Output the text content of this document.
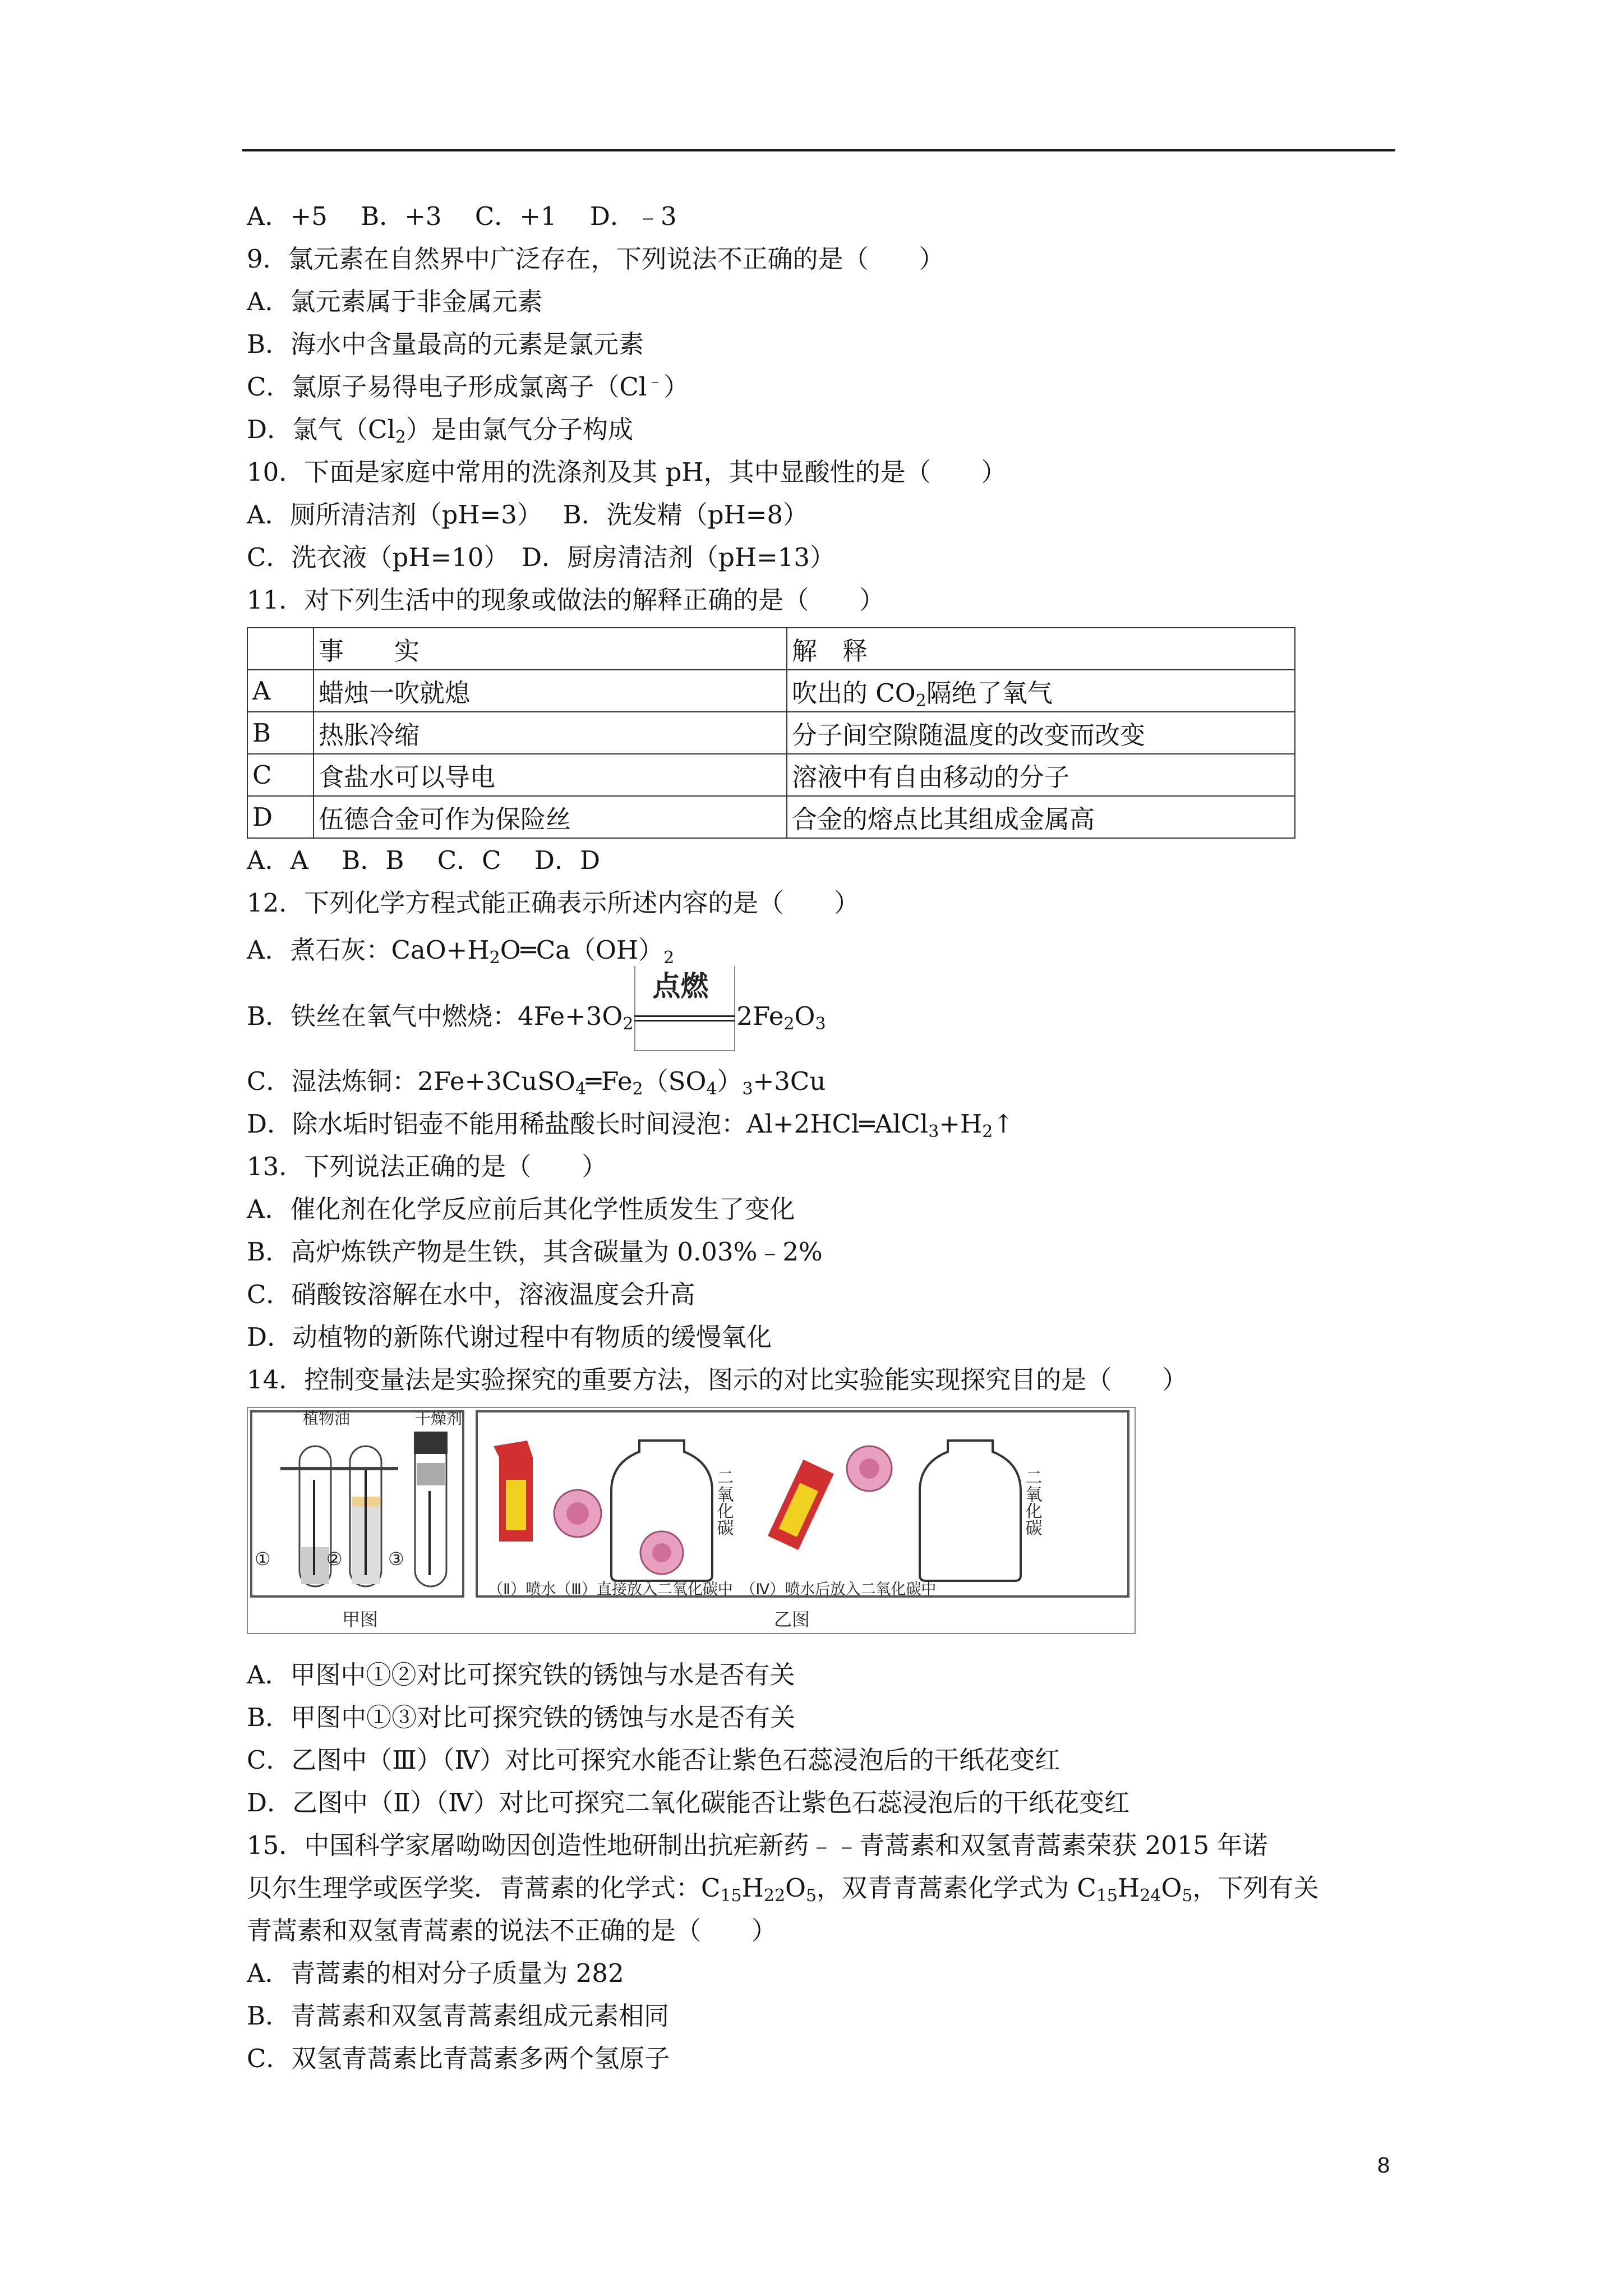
A．+5　 B．+3　 C．+1　 D．﹣3
9．氯元素在自然界中广泛存在，下列说法不正确的是（　　）
A．氯元素属于非金属元素
B．海水中含量最高的元素是氯元素
C．氯原子易得电子形成氯离子（Cl﹣）
D．氯气$(Cl_2)$是由氯气分子构成
10．下面是家庭中常用的洗涤剂及其 pH，其中显酸性的是（　　）
A．厕所清洁剂（pH=3）　 B．洗发精（pH=8）
C．洗衣液（pH=10）　D．厨房清洁剂（pH=13）
11．对下列生活中的现象或做法的解释正确的是（　　）
	事　　实	解　释
A	蜡烛一吹就熄	吹出的 $CO_2$隔绝了氧气
B	热胀冷缩	分子间空隙随温度的改变而改变
C	食盐水可以导电	溶液中有自由移动的分子
D	伍德合金可作为保险丝	合金的熔点比其组成金属高
A．A　 B．B　 C．C　 D．D
12．下列化学方程式能正确表示所述内容的是（　　）
A．煮石灰：$CaO+H_2O═Ca(OH)_2$
B．铁丝在氧气中燃烧：$4Fe+3O_2$
点燃
$2Fe_2O_3$
C．湿法炼铜：$2Fe+3CuSO_4═Fe_2(SO_4)_3+3Cu$
D．除水垢时铝壶不能用稀盐酸长时间浸泡：$Al+2HCl═AlCl_3+H_2↑$
13．下列说法正确的是（　　）
A．催化剂在化学反应前后其化学性质发生了变化
B．高炉炼铁产物是生铁，其含碳量为 0.03%﹣2%
C．硝酸铵溶解在水中，溶液温度会升高
D．动植物的新陈代谢过程中有物质的缓慢氧化
14．控制变量法是实验探究的重要方法，图示的对比实验能实现探究目的是（　　）
植物油	干燥剂
①	②	③
甲图
二氧化碳	二氧化碳
（Ⅱ）喷水（Ⅲ）直接放入二氧化碳中　（Ⅳ）喷水后放入二氧化碳中
乙图
A．甲图中①②对比可探究铁的锈蚀与水是否有关
B．甲图中①③对比可探究铁的锈蚀与水是否有关
C．乙图中（Ⅲ）（Ⅳ）对比可探究水能否让紫色石蕊浸泡后的干纸花变红
D．乙图中（Ⅱ）（Ⅳ）对比可探究二氧化碳能否让紫色石蕊浸泡后的干纸花变红
15．中国科学家屠呦呦因创造性地研制出抗疟新药﹣﹣青蒿素和双氢青蒿素荣获 2015 年诺
贝尔生理学或医学奖．青蒿素的化学式：$C_{15}H_{22}O_5$，双青青蒿素化学式为 $C_{15}H_{24}O_5$，下列有关
青蒿素和双氢青蒿素的说法不正确的是（　　）
A．青蒿素的相对分子质量为 282
B．青蒿素和双氢青蒿素组成元素相同
C．双氢青蒿素比青蒿素多两个氢原子
8
